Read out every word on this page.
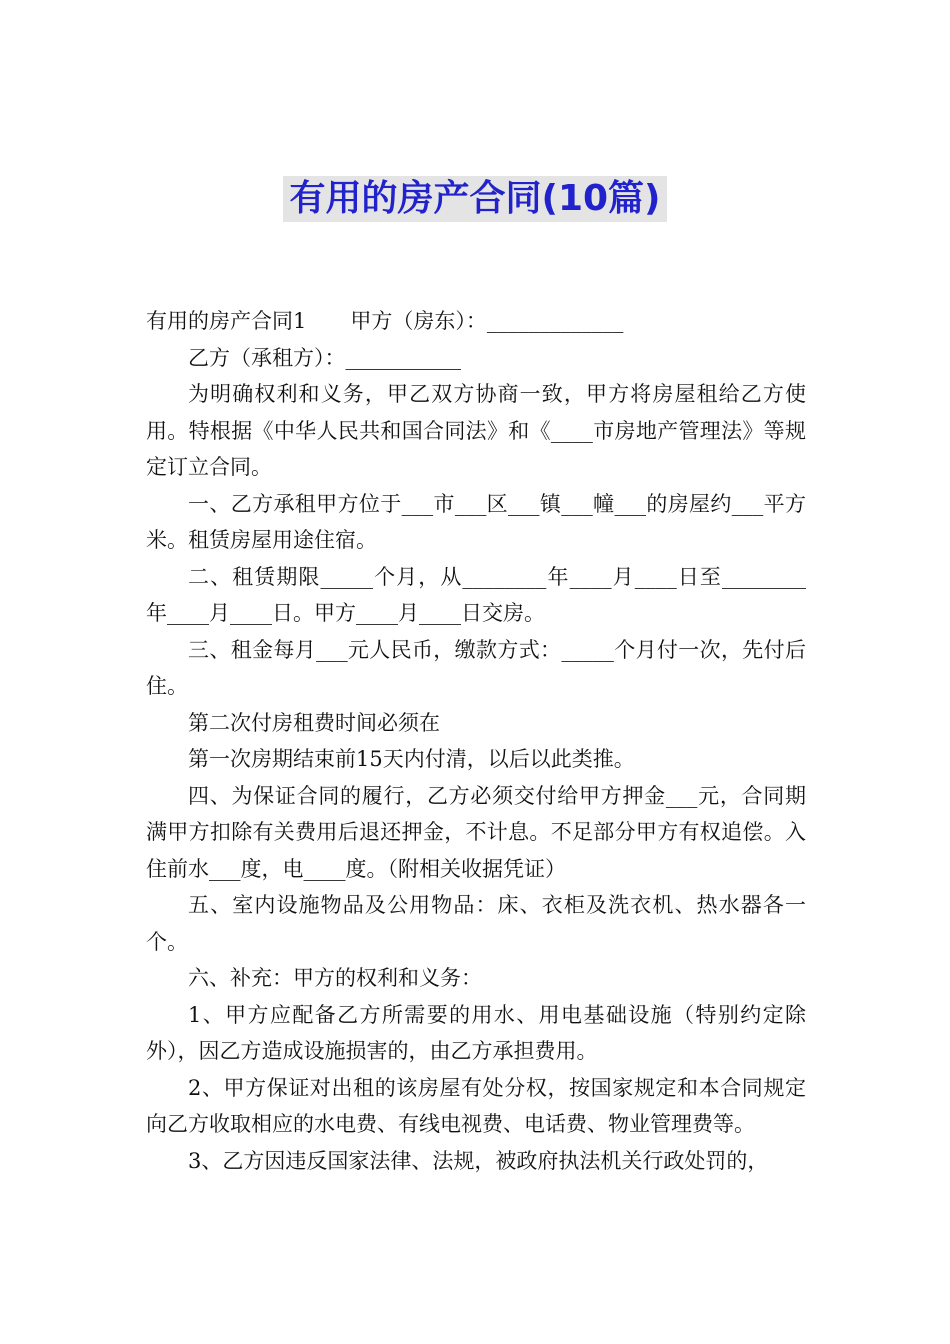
有用的房产合同(10篇)

有用的房产合同1 甲方（房东）：_____________

乙方（承租方）：___________

为明确权利和义务，甲乙双方协商一致，甲方将房屋租给乙方使用。特根据《中华人民共和国合同法》和《____市房地产管理法》等规定订立合同。

一、乙方承租甲方位于___市___区___镇___幢___的房屋约___平方米。租赁房屋用途住宿。

二、租赁期限_____个月，从________年____月____日至________年____月____日。甲方____月____日交房。

三、租金每月___元人民币，缴款方式：_____个月付一次，先付后住。

第二次付房租费时间必须在

第一次房期结束前15天内付清，以后以此类推。

四、为保证合同的履行，乙方必须交付给甲方押金___元，合同期满甲方扣除有关费用后退还押金，不计息。不足部分甲方有权追偿。入住前水___度，电____度。（附相关收据凭证）

五、室内设施物品及公用物品：床、衣柜及洗衣机、热水器各一个。

六、补充：甲方的权利和义务：

1、甲方应配备乙方所需要的用水、用电基础设施（特别约定除外），因乙方造成设施损害的，由乙方承担费用。

2、甲方保证对出租的该房屋有处分权，按国家规定和本合同规定向乙方收取相应的水电费、有线电视费、电话费、物业管理费等。

3、乙方因违反国家法律、法规，被政府执法机关行政处罚的，
